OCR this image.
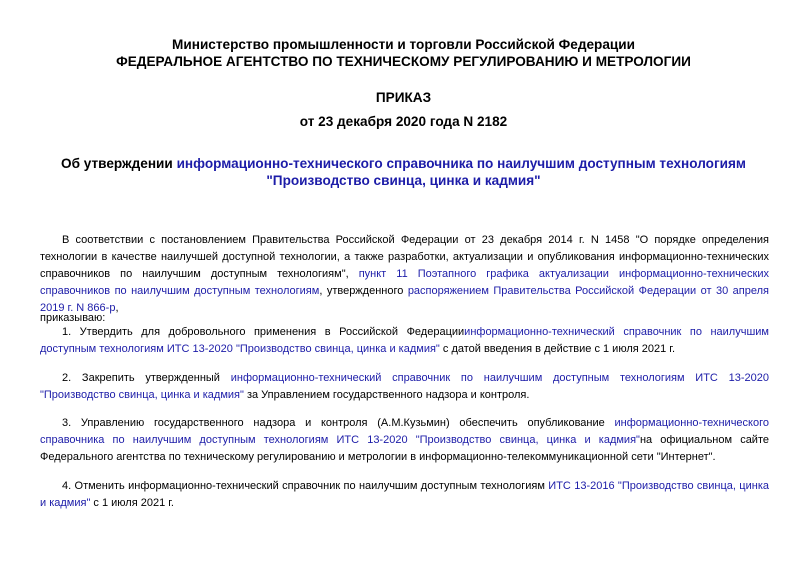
Министерство промышленности и торговли Российской Федерации
ФЕДЕРАЛЬНОЕ АГЕНТСТВО ПО ТЕХНИЧЕСКОМУ РЕГУЛИРОВАНИЮ И МЕТРОЛОГИИ
ПРИКАЗ
от 23 декабря 2020 года N 2182
Об утверждении информационно-технического справочника по наилучшим доступным технологиям
"Производство свинца, цинка и кадмия"
В соответствии с постановлением Правительства Российской Федерации от 23 декабря 2014 г. N 1458 "О порядке определения технологии в качестве наилучшей доступной технологии, а также разработки, актуализации и опубликования информационно-технических справочников по наилучшим доступным технологиям", пункт 11 Поэтапного графика актуализации информационно-технических справочников по наилучшим доступным технологиям, утвержденного распоряжением Правительства Российской Федерации от 30 апреля 2019 г. N 866-р,
приказываю:
1. Утвердить для добровольного применения в Российской Федерацииинформационно-технический справочник по наилучшим доступным технологиям ИТС 13-2020 "Производство свинца, цинка и кадмия" с датой введения в действие с 1 июля 2021 г.
2. Закрепить утвержденный информационно-технический справочник по наилучшим доступным технологиям ИТС 13-2020 "Производство свинца, цинка и кадмия" за Управлением государственного надзора и контроля.
3. Управлению государственного надзора и контроля (А.М.Кузьмин) обеспечить опубликование информационно-технического справочника по наилучшим доступным технологиям ИТС 13-2020 "Производство свинца, цинка и кадмия"на официальном сайте Федерального агентства по техническому регулированию и метрологии в информационно-телекоммуникационной сети "Интернет".
4. Отменить информационно-технический справочник по наилучшим доступным технологиям ИТС 13-2016 "Производство свинца, цинка и кадмия" с 1 июля 2021 г.
